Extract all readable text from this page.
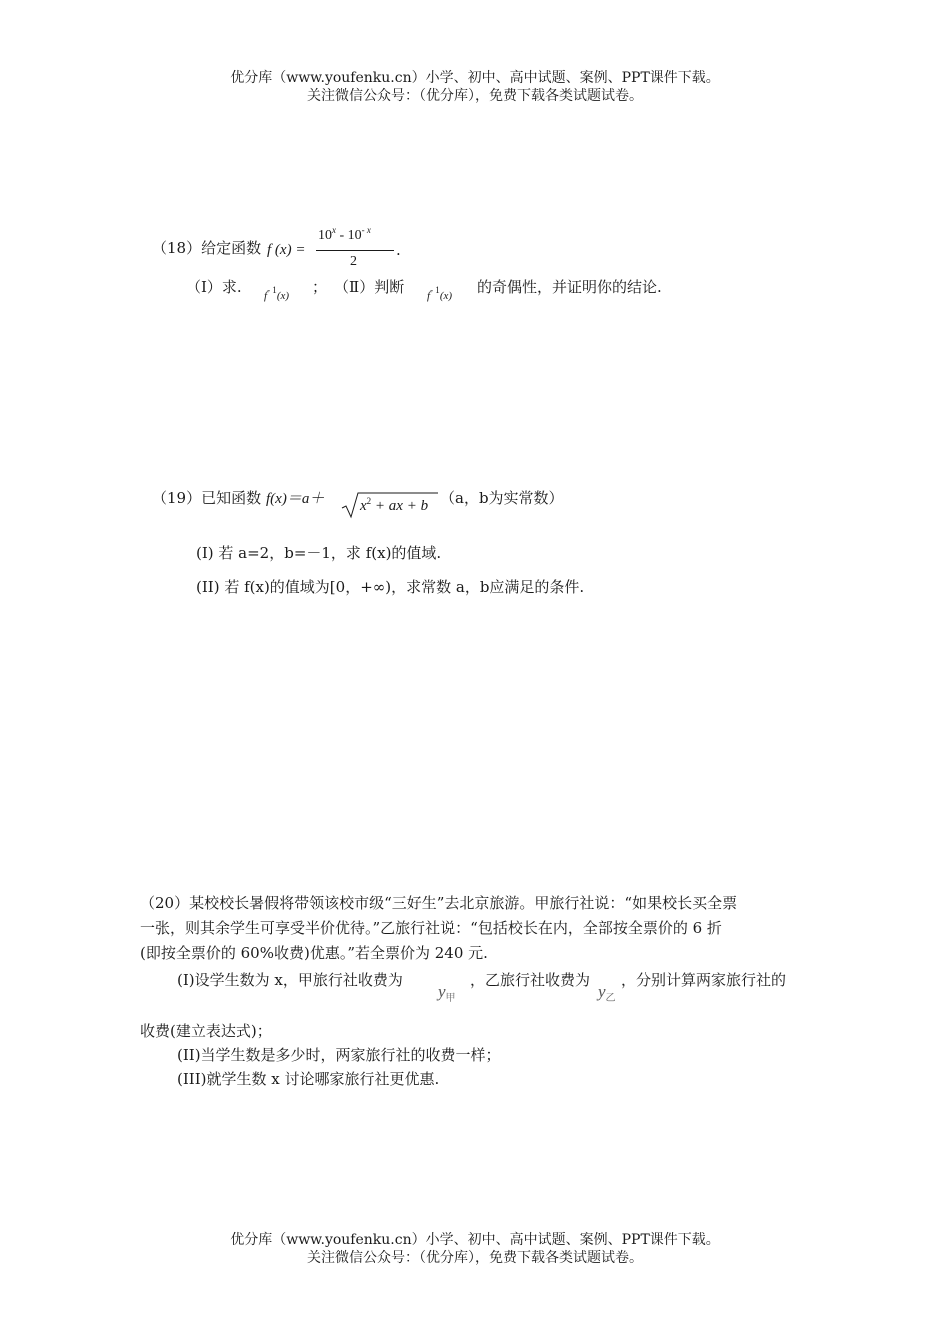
优分库（www.youfenku.cn）小学、初中、高中试题、案例、PPT课件下载。
关注微信公众号：（优分库），免费下载各类试题试卷。
（18）给定函数 f (x) =
$10^x - 10^{- x}$
2
.
（Ⅰ）求. $f^{- 1}(x)$ ； （Ⅱ）判断 $f^{- 1}(x)$ 的奇偶性，并证明你的结论.
（19）已知函数 $f(x)=a+ x^2$ + ax + b （a，b为实常数）
(I) 若 a=2，b=－1，求 f(x)的值域.
(II) 若 f(x)的值域为[0，+∞)，求常数 a，b应满足的条件.
（20）某校校长暑假将带领该校市级“三好生”去北京旅游。甲旅行社说：“如果校长买全票
一张，则其余学生可享受半价优待。”乙旅行社说：“包括校长在内，全部按全票价的 6 折
(即按全票价的 60%收费)优惠。”若全票价为 240 元.
(I)设学生数为 x，甲旅行社收费为
$y_甲$
，乙旅行社收费为
$y_乙$
，分别计算两家旅行社的
收费(建立表达式)；
(II)当学生数是多少时，两家旅行社的收费一样；
(III)就学生数 x 讨论哪家旅行社更优惠.
优分库（www.youfenku.cn）小学、初中、高中试题、案例、PPT课件下载。
关注微信公众号：（优分库），免费下载各类试题试卷。
